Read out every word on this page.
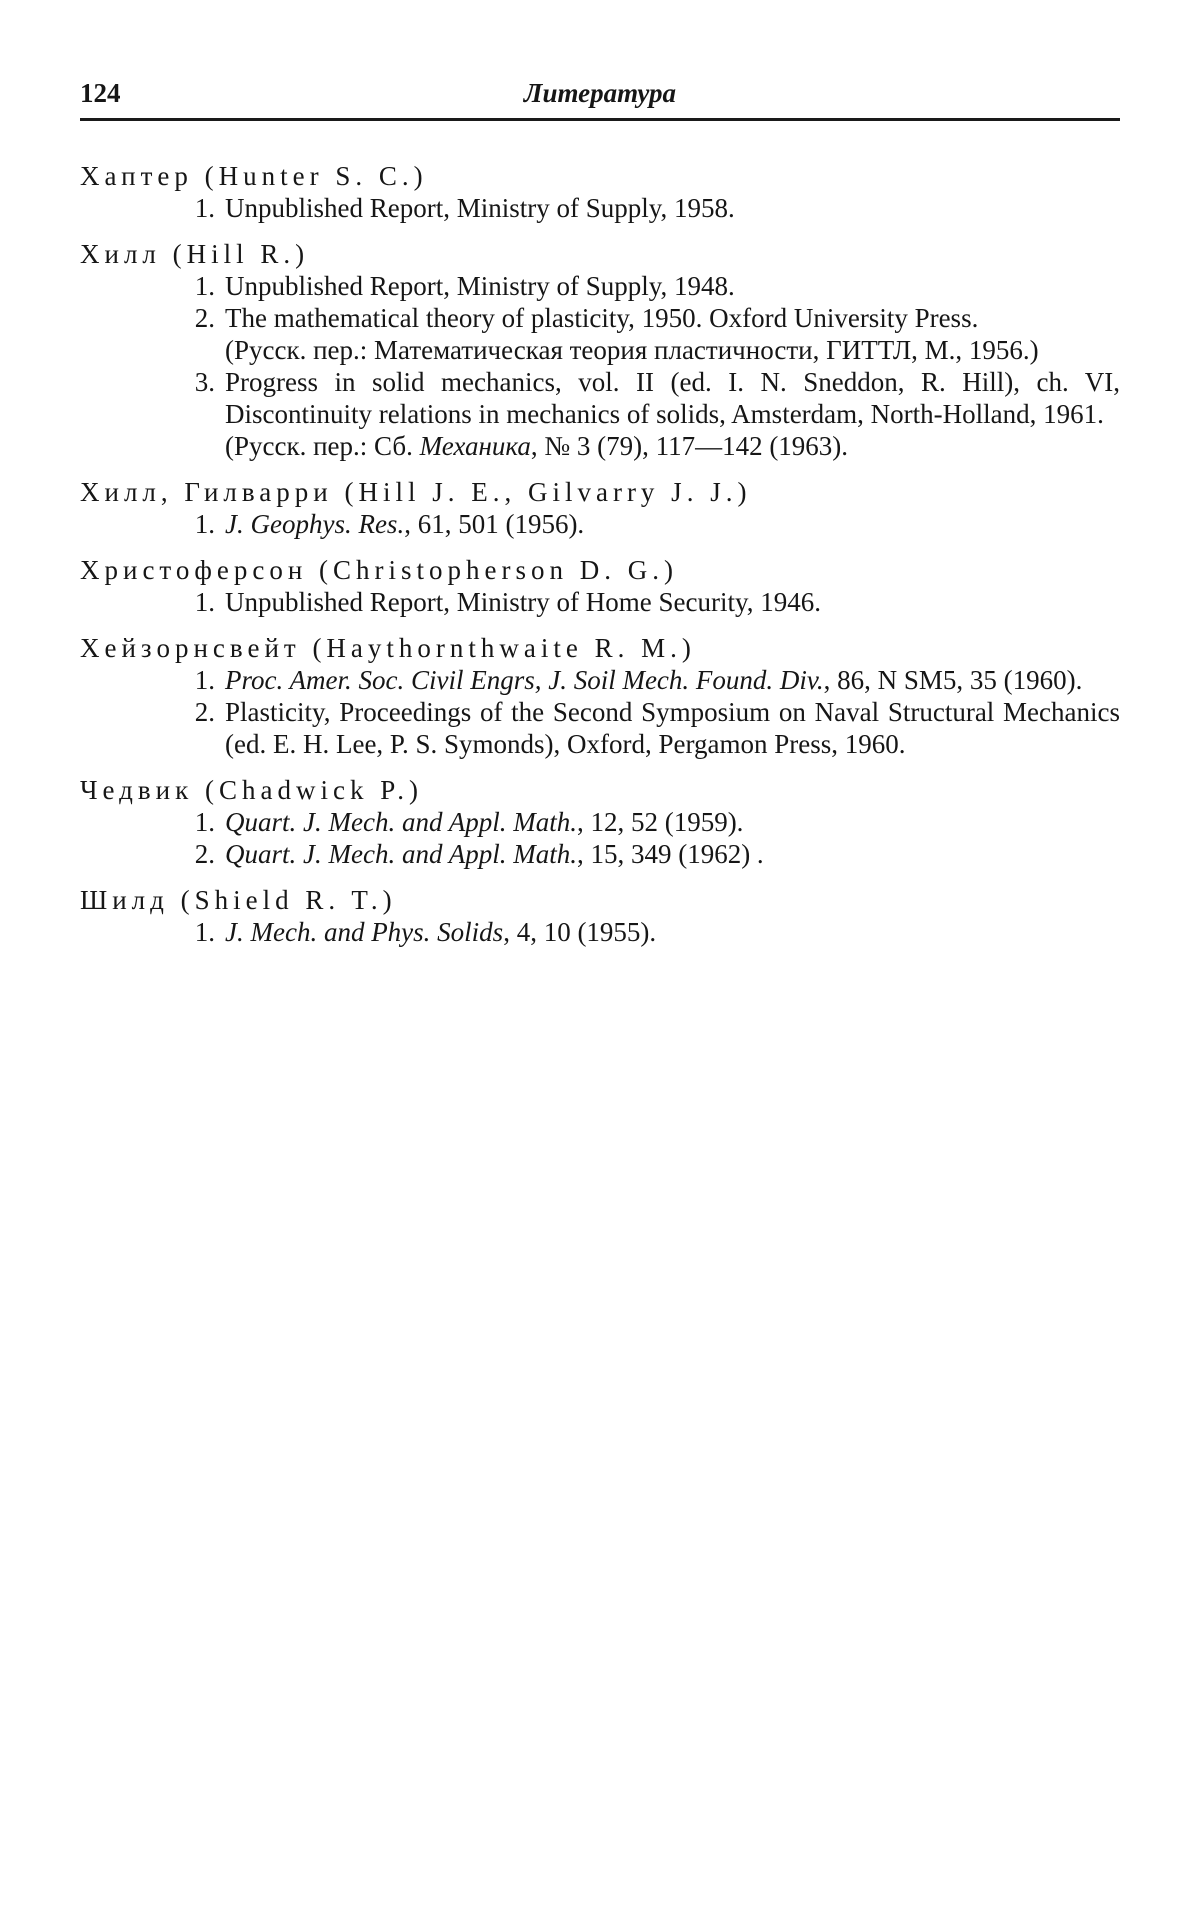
124	Литература
Хаптер (Hunter S. C.)
1. Unpublished Report, Ministry of Supply, 1958.
Хилл (Hill R.)
1. Unpublished Report, Ministry of Supply, 1948.
2. The mathematical theory of plasticity, 1950. Oxford University Press.
(Русск. пер.: Математическая теория пластичности, ГИТТЛ, М., 1956.)
3. Progress in solid mechanics, vol. II (ed. I. N. Sneddon, R. Hill), ch. VI, Discontinuity relations in mechanics of solids, Amsterdam, North-Holland, 1961.
(Русск. пер.: Сб. Механика, № 3 (79), 117—142 (1963).
Хилл, Гилварри (Hill J. E., Gilvarry J. J.)
1. J. Geophys. Res., 61, 501 (1956).
Христоферсон (Christopherson D. G.)
1. Unpublished Report, Ministry of Home Security, 1946.
Хейзорнсвейт (Haythornthwaite R. M.)
1. Proc. Amer. Soc. Civil Engrs, J. Soil Mech. Found. Div., 86, N SM5, 35 (1960).
2. Plasticity, Proceedings of the Second Symposium on Naval Structural Mechanics (ed. E. H. Lee, P. S. Symonds), Oxford, Pergamon Press, 1960.
Чедвик (Chadwick P.)
1. Quart. J. Mech. and Appl. Math., 12, 52 (1959).
2. Quart. J. Mech. and Appl. Math., 15, 349 (1962) .
Шилд (Shield R. T.)
1. J. Mech. and Phys. Solids, 4, 10 (1955).
